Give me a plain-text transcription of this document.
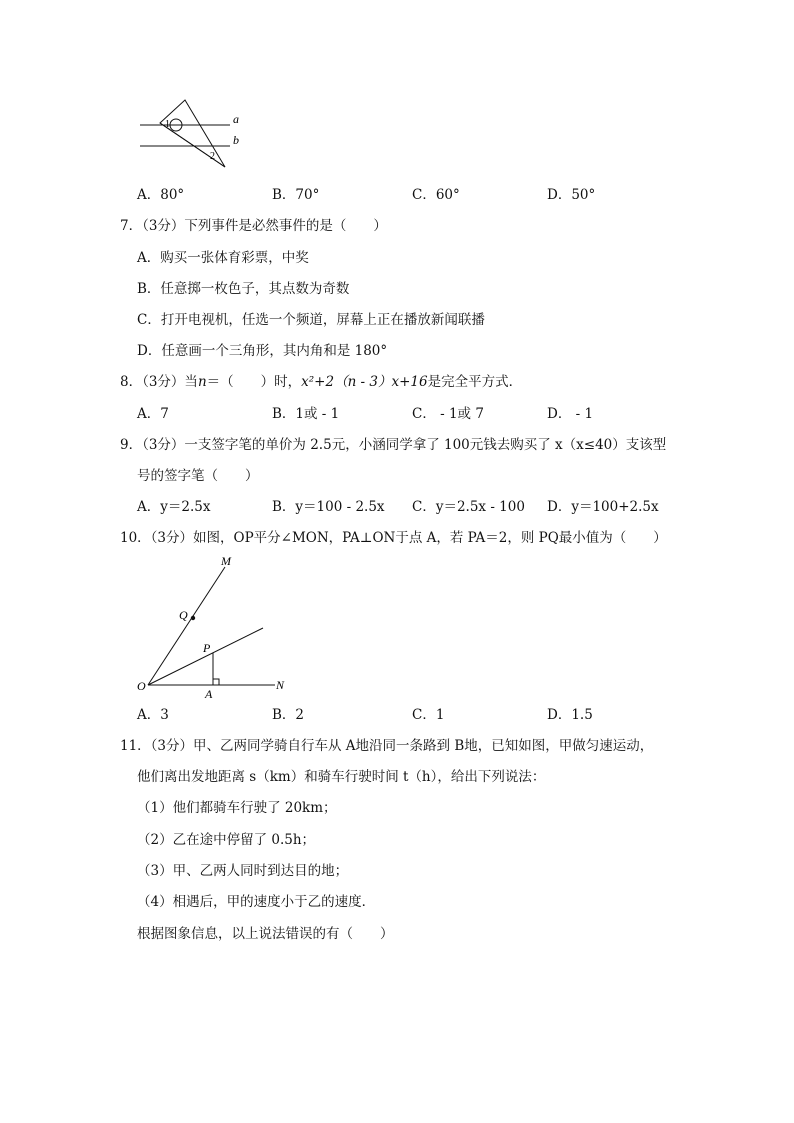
1
2
a
b
A．80°	B．70°	C．60°	D．50°
7．（3分）下列事件是必然事件的是（　　）
A．购买一张体育彩票，中奖
B．任意掷一枚色子，其点数为奇数
C．打开电视机，任选一个频道，屏幕上正在播放新闻联播
D．任意画一个三角形，其内角和是 180°
8．（3分）当n＝（　　）时，x²+2（n - 3）x+16是完全平方式．
A．7	B．1或 - 1	C． - 1或 7	D． - 1
9．（3分）一支签字笔的单价为 2.5元，小涵同学拿了 100元钱去购买了 x（x≤40）支该型
号的签字笔（　　）
A．y＝2.5x	B．y＝100 - 2.5x C．y＝2.5x - 100 D．y＝100+2.5x
10．（3分）如图，OP平分∠MON，PA⊥ON于点 A，若 PA＝2，则 PQ最小值为（　　）
M
Q
P
O
A
N
A．3	B．2	C．1	D．1.5
11．（3分）甲、乙两同学骑自行车从 A地沿同一条路到 B地，已知如图，甲做匀速运动，
他们离出发地距离 s（km）和骑车行驶时间 t（h），给出下列说法：
（1）他们都骑车行驶了 20km；
（2）乙在途中停留了 0.5h；
（3）甲、乙两人同时到达目的地；
（4）相遇后，甲的速度小于乙的速度．
根据图象信息，以上说法错误的有（　　）
